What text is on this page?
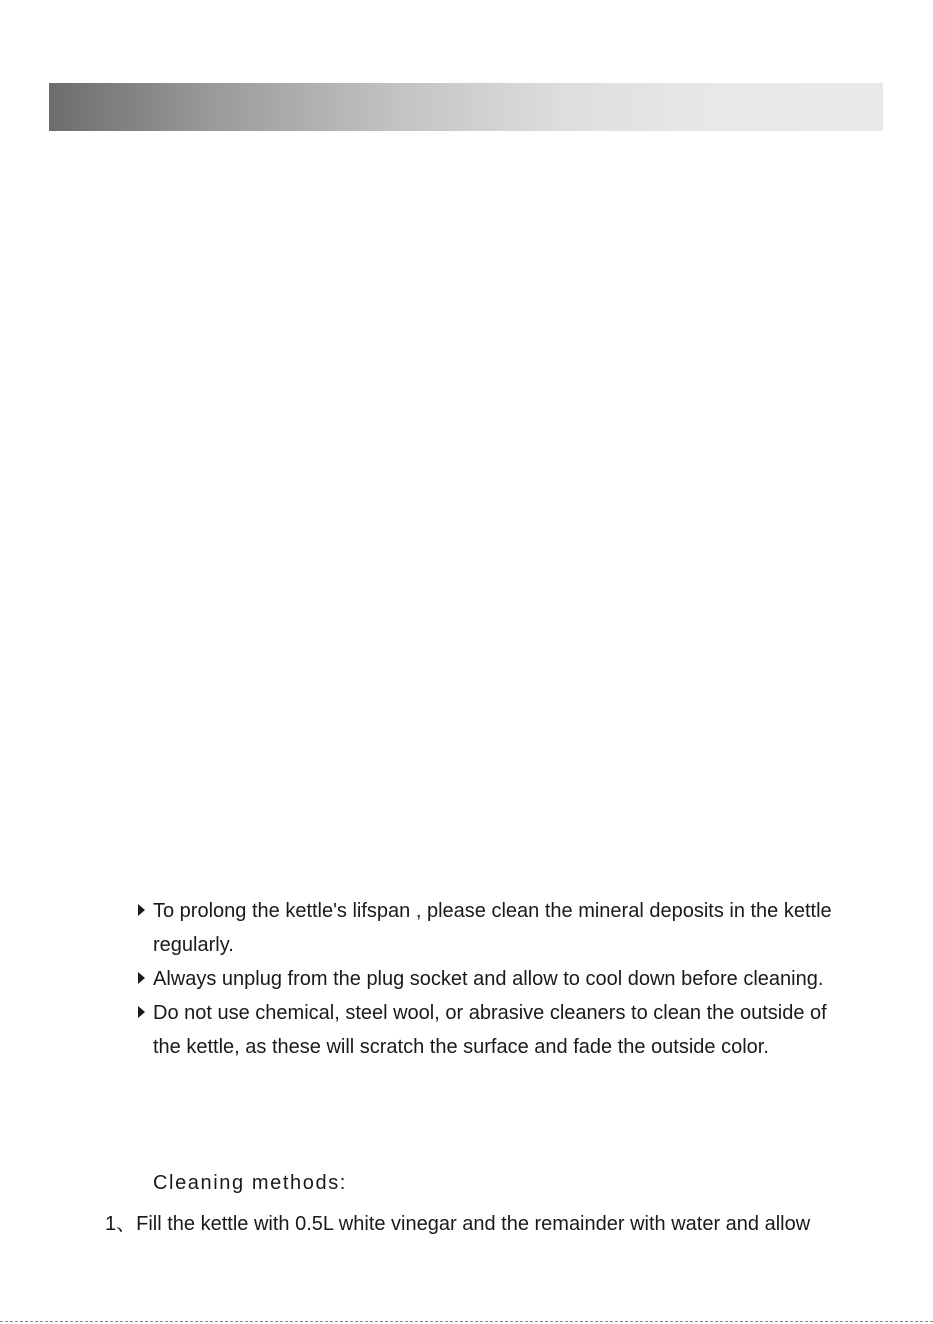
To prolong the kettle's lifspan , please clean the mineral deposits in the kettle regularly.
Always unplug from the plug socket and allow to cool down before cleaning.
Do not use chemical, steel wool, or abrasive cleaners to clean the outside of the kettle, as these will scratch the surface and fade the outside color.
Cleaning methods:
1、Fill the kettle with 0.5L white vinegar and the remainder with water and allow
